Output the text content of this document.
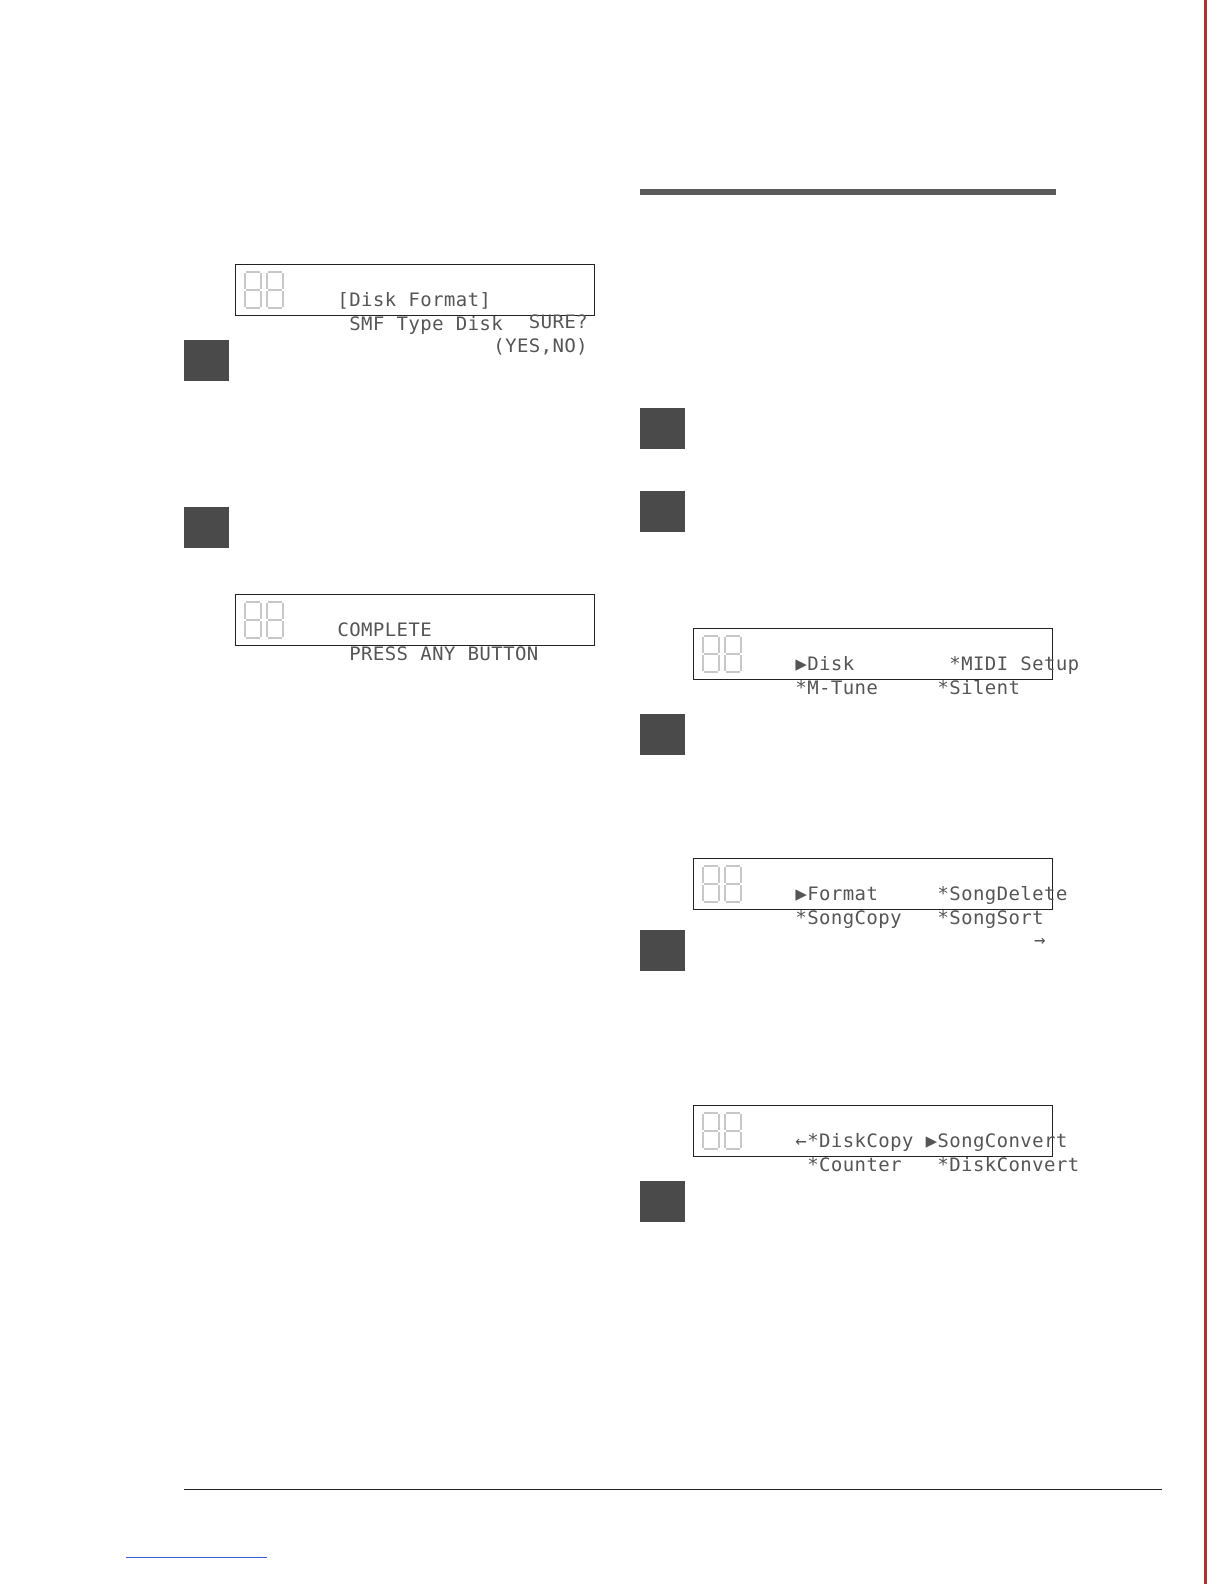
[Disk Format]

SURE?

SMF Type Disk

(YES,NO)

COMPLETE

PRESS ANY BUTTON
	▶Disk        *MIDI Setup

*M-Tune     *Silent

▶Format     *SongDelete

*SongCopy   *SongSort

→

←*DiskCopy ▶SongConvert

*Counter   *DiskConvert
